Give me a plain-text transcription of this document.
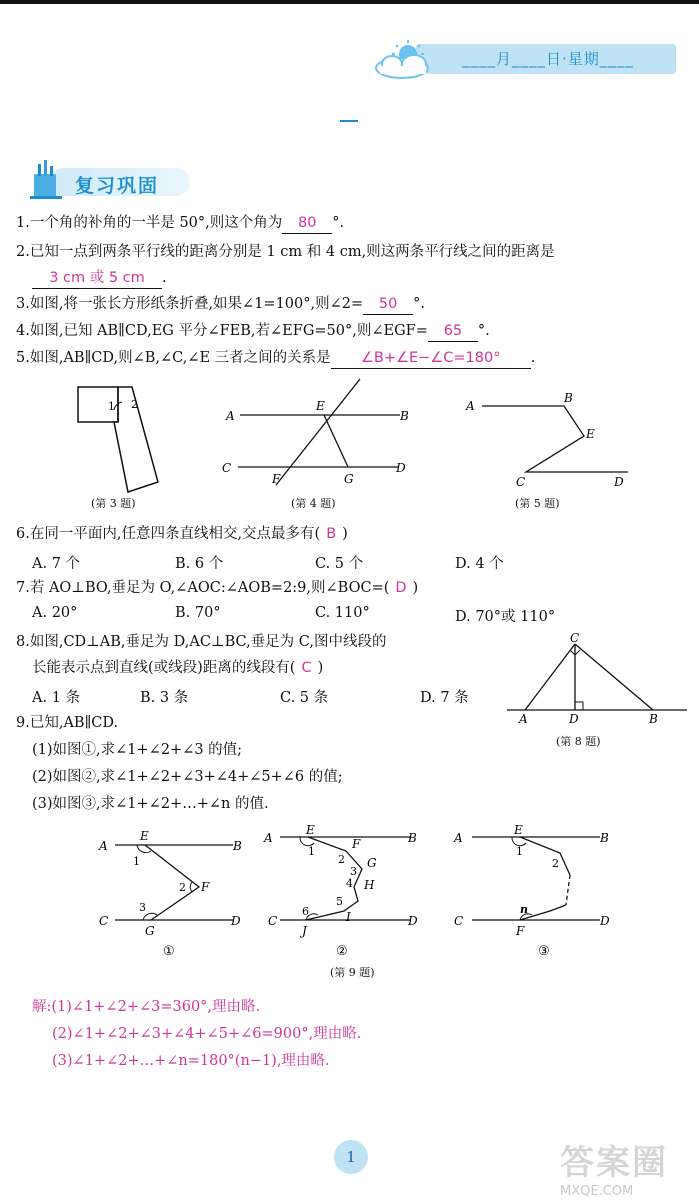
____月____日·星期____
复习巩固
1.一个角的补角的一半是 50°,则这个角为 80 °.
2.已知一点到两条平行线的距离分别是 1 cm 和 4 cm,则这两条平行线之间的距离是
3 cm 或 5 cm .
3.如图,将一张长方形纸条折叠,如果∠1=100°,则∠2= 50 °.
4.如图,已知 AB∥CD,EG 平分∠FEB,若∠EFG=50°,则∠EGF= 65 °.
5.如图,AB∥CD,则∠B,∠C,∠E 三者之间的关系是 ∠B+∠E−∠C=180° .
1 2
(第 3 题)
A	B
C	D
E
F	G
(第 4 题)
A
B
E
C	D
(第 5 题)
6.在同一平面内,任意四条直线相交,交点最多有( B )
A. 7 个	B. 6 个	C. 5 个	D. 4 个
7.若 AO⊥BO,垂足为 O,∠AOC:∠AOB=2:9,则∠BOC=( D )
A. 20°	B. 70°	C. 110°	D. 70°或 110°
8.如图,CD⊥AB,垂足为 D,AC⊥BC,垂足为 C,图中线段的
长能表示点到直线(或线段)距离的线段有( C )
A. 1 条	B. 3 条	C. 5 条	D. 7 条
C
A	D	B
(第 8 题)
9.已知,AB∥CD.
(1)如图①,求∠1+∠2+∠3 的值;
(2)如图②,求∠1+∠2+∠3+∠4+∠5+∠6 的值;
(3)如图③,求∠1+∠2+…+∠n 的值.
A
E
B
1
2 F
3
C
G
D
①
A
E
B
1
2
F
3
G
4 H
5
I
6
C
J
D
②
A
E
B
1
2
n
C
F
D
③
(第 9 题)
解:(1)∠1+∠2+∠3=360°,理由略.
(2)∠1+∠2+∠3+∠4+∠5+∠6=900°,理由略.
(3)∠1+∠2+…+∠n=180°(n−1),理由略.
1	答案圈
MXQE.COM
